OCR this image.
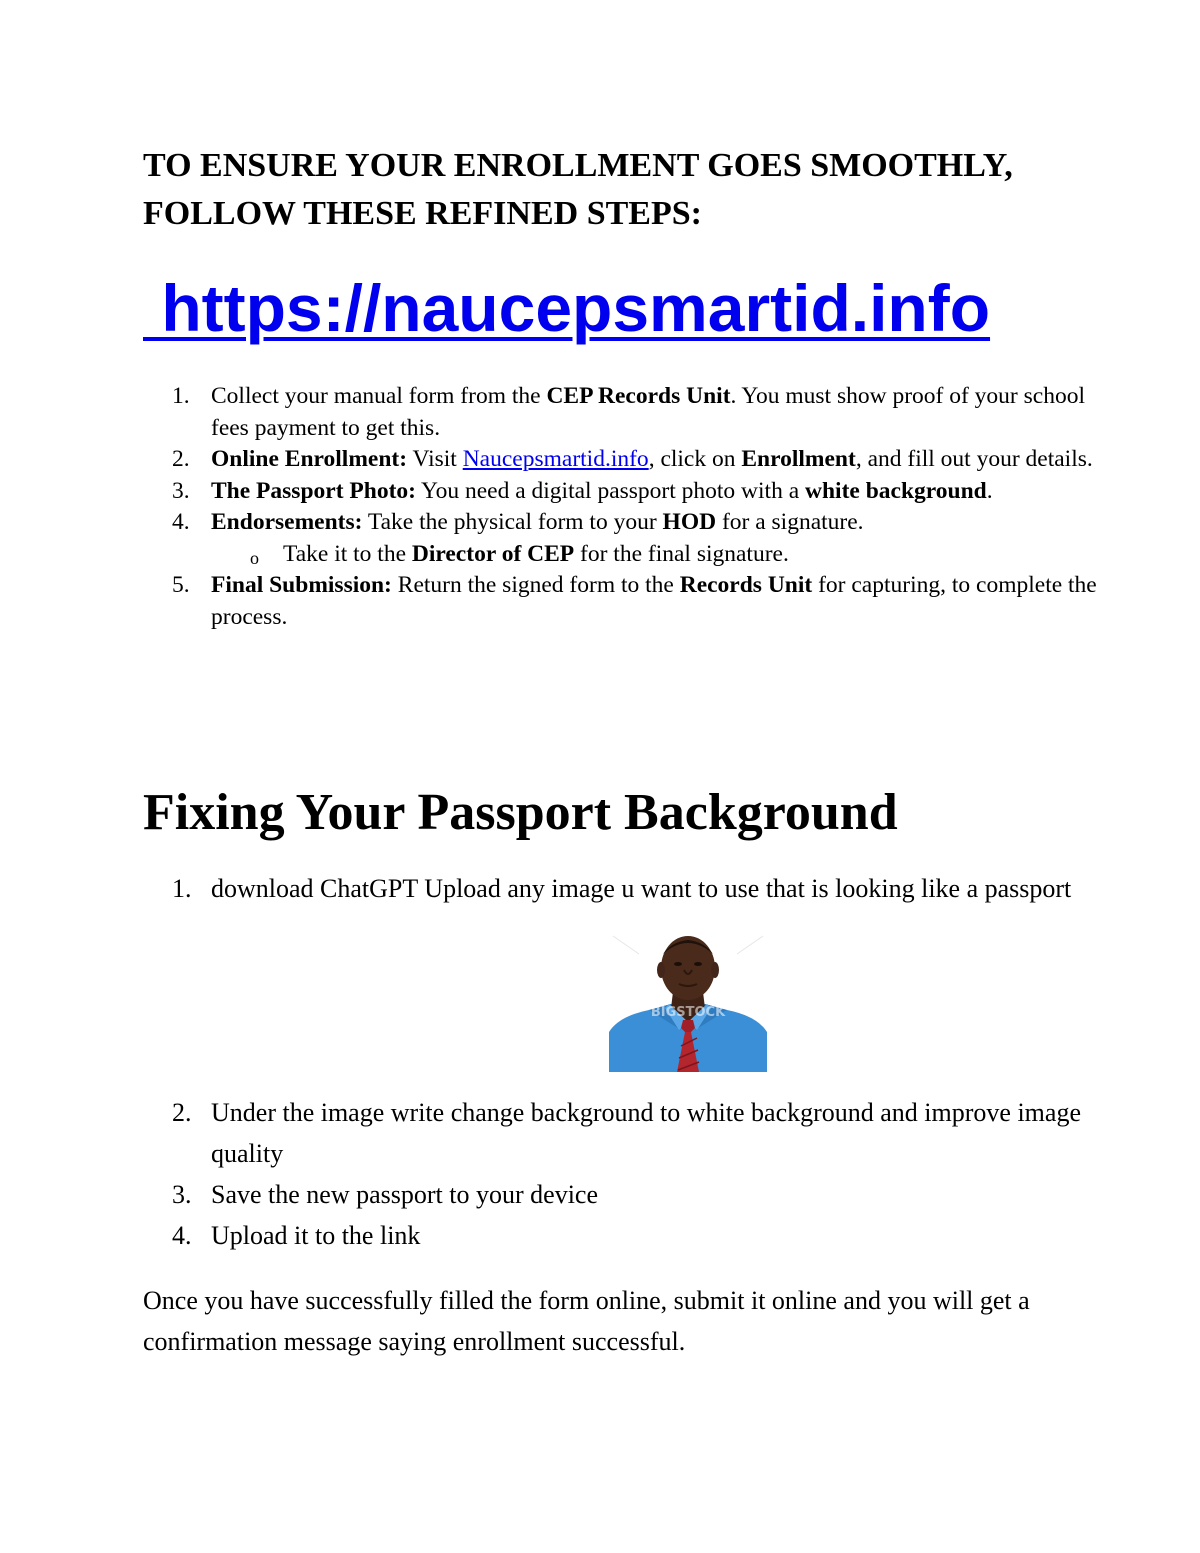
TO ENSURE YOUR ENROLLMENT GOES SMOOTHLY, FOLLOW THESE REFINED STEPS:
https://naucepsmartid.info
1. Collect your manual form from the CEP Records Unit. You must show proof of your school fees payment to get this.
2. Online Enrollment: Visit Naucepsmartid.info, click on Enrollment, and fill out your details.
3. The Passport Photo: You need a digital passport photo with a white background.
4. Endorsements: Take the physical form to your HOD for a signature.
o Take it to the Director of CEP for the final signature.
5. Final Submission: Return the signed form to the Records Unit for capturing, to complete the process.
Fixing Your Passport Background
1. download ChatGPT Upload any image u want to use that is looking like a passport
BIGSTOCK
2. Under the image write change background to white background and improve image quality
3. Save the new passport to your device
4. Upload it to the link

Once you have successfully filled the form online, submit it online and you will get a confirmation message saying enrollment successful.
